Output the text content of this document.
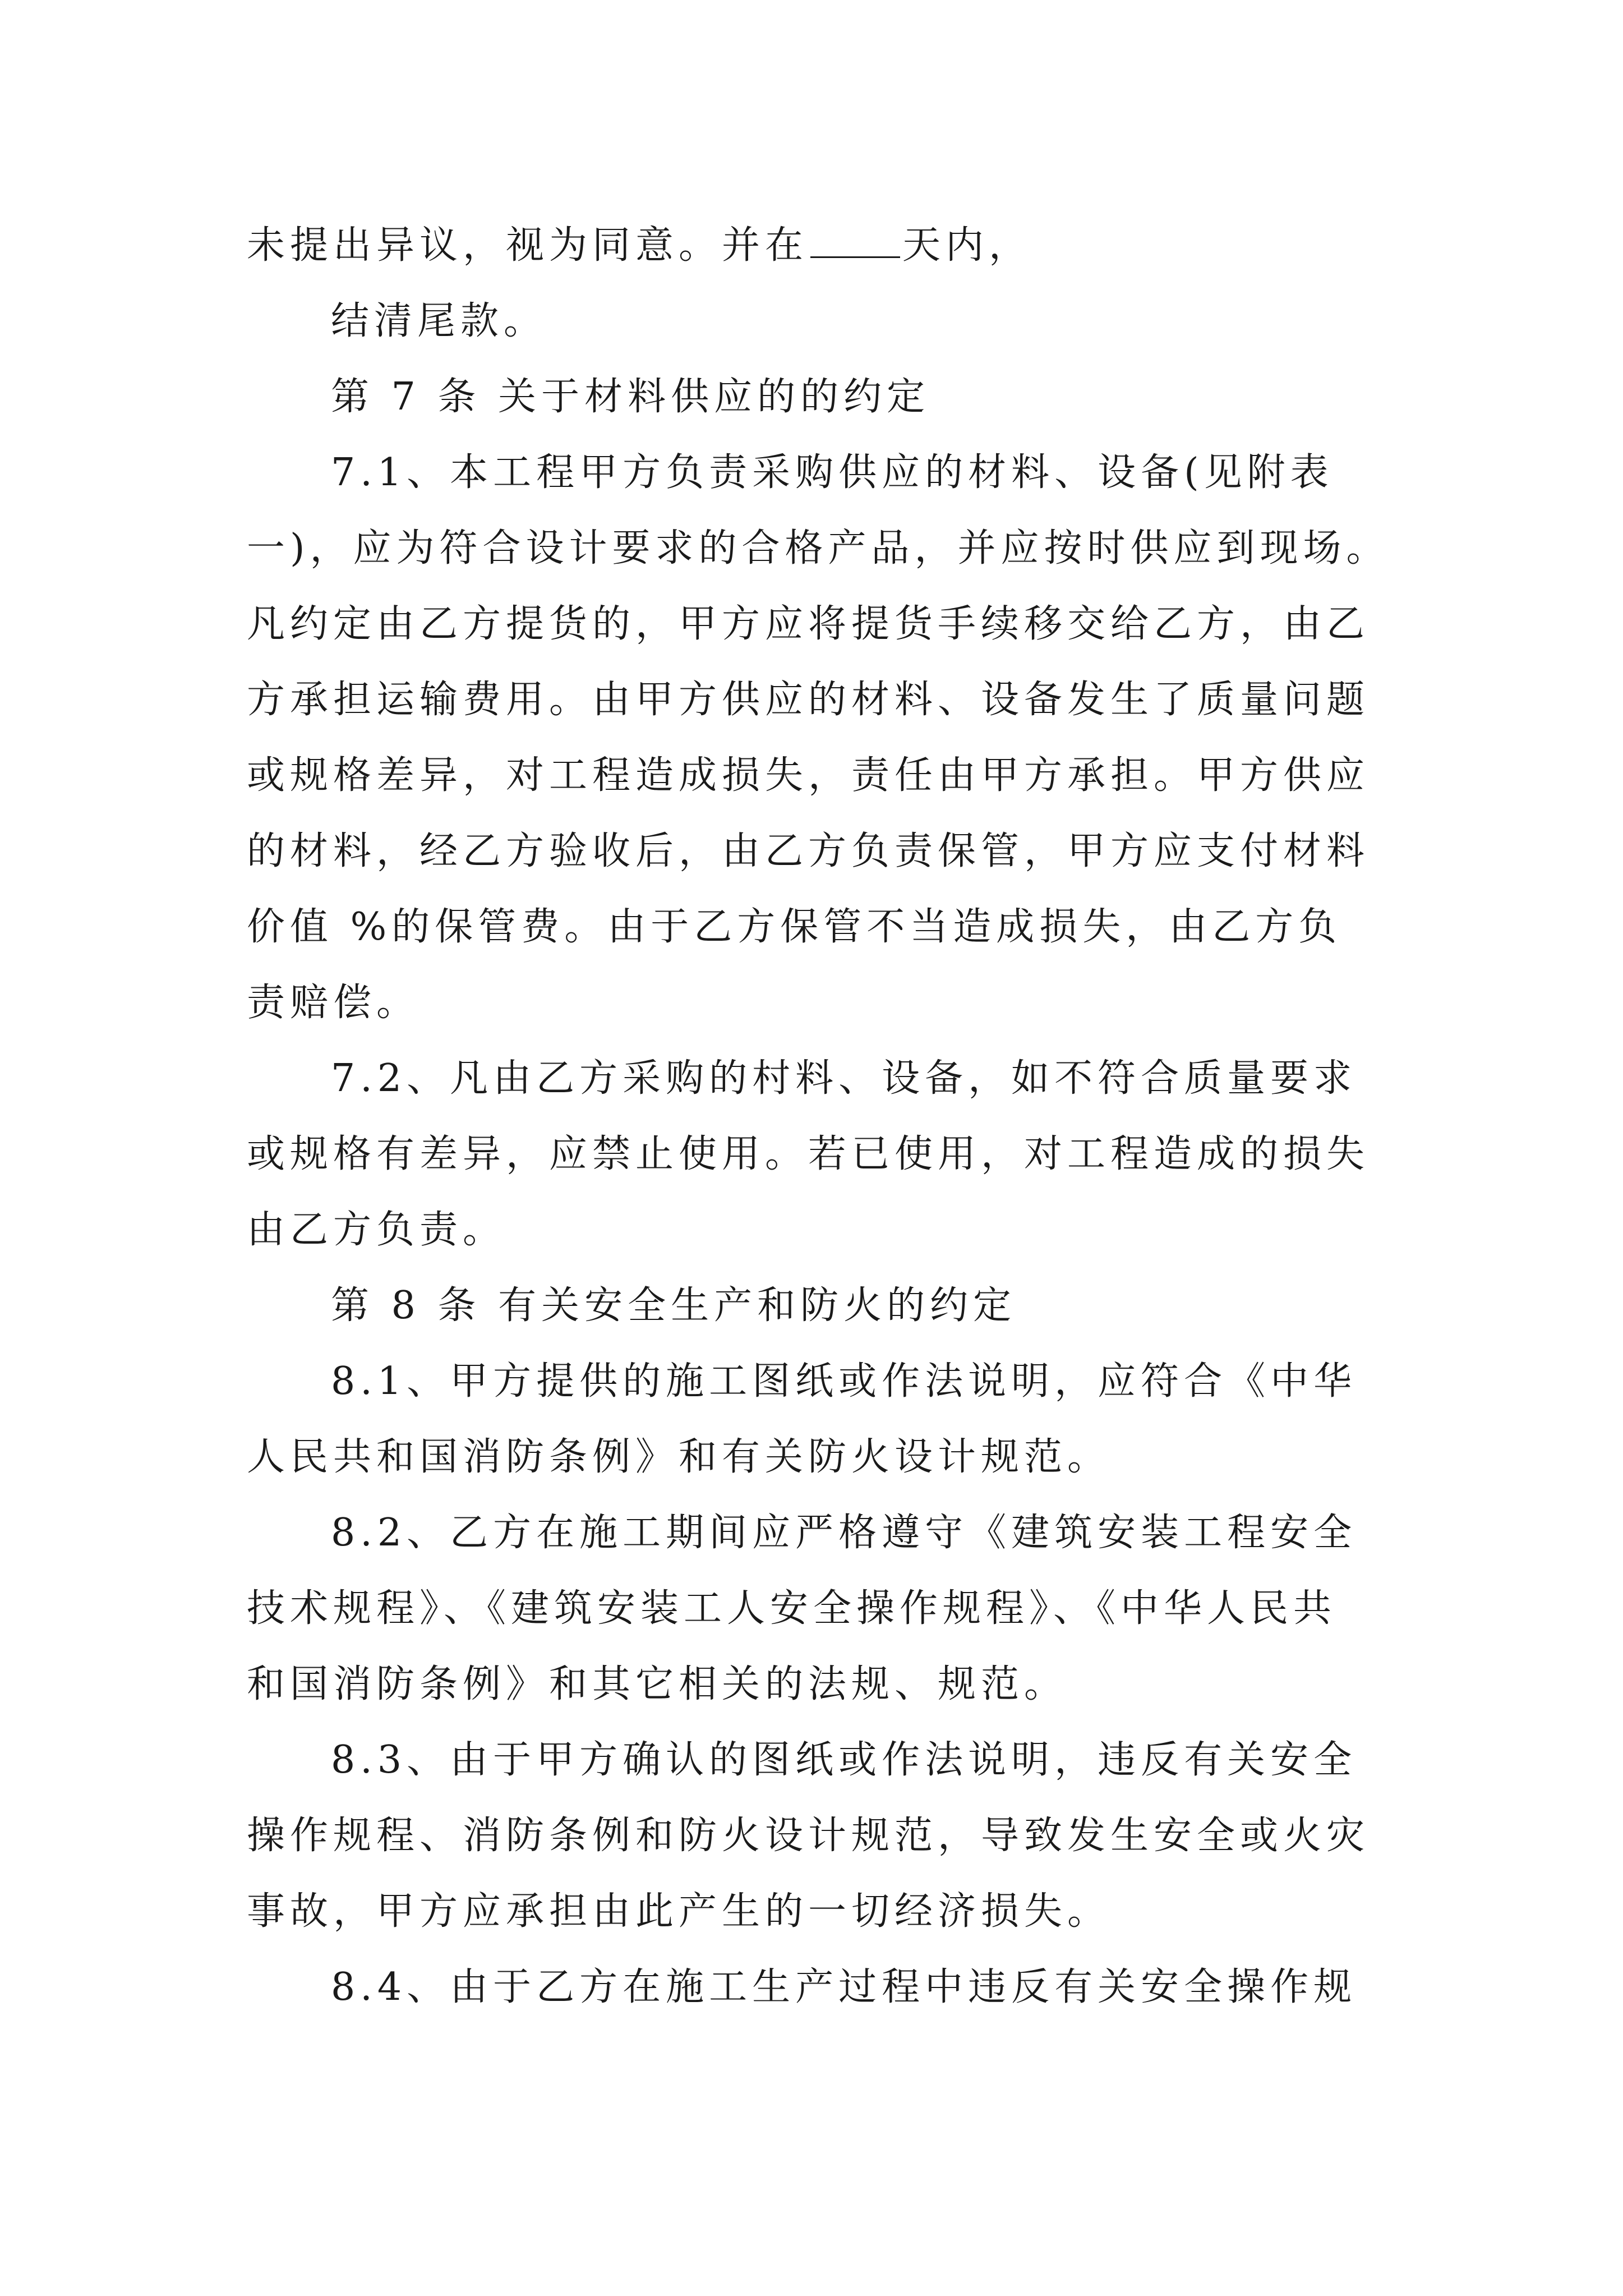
未提出异议，视为同意。并在 天内，
结清尾款。
第 7 条 关于材料供应的的约定
7.1、本工程甲方负责采购供应的材料、设备(见附表
一)，应为符合设计要求的合格产品，并应按时供应到现场。
凡约定由乙方提货的，甲方应将提货手续移交给乙方，由乙
方承担运输费用。由甲方供应的材料、设备发生了质量问题
或规格差异，对工程造成损失，责任由甲方承担。甲方供应
的材料，经乙方验收后，由乙方负责保管，甲方应支付材料
价值 %的保管费。由于乙方保管不当造成损失，由乙方负
责赔偿。
7.2、凡由乙方采购的村料、设备，如不符合质量要求
或规格有差异，应禁止使用。若已使用，对工程造成的损失
由乙方负责。
第 8 条 有关安全生产和防火的约定
8.1、甲方提供的施工图纸或作法说明，应符合《中华
人民共和国消防条例》和有关防火设计规范。
8.2、乙方在施工期间应严格遵守《建筑安装工程安全
技术规程》、《建筑安装工人安全操作规程》、《中华人民共
和国消防条例》和其它相关的法规、规范。
8.3、由于甲方确认的图纸或作法说明，违反有关安全
操作规程、消防条例和防火设计规范，导致发生安全或火灾
事故，甲方应承担由此产生的一切经济损失。
8.4、由于乙方在施工生产过程中违反有关安全操作规
